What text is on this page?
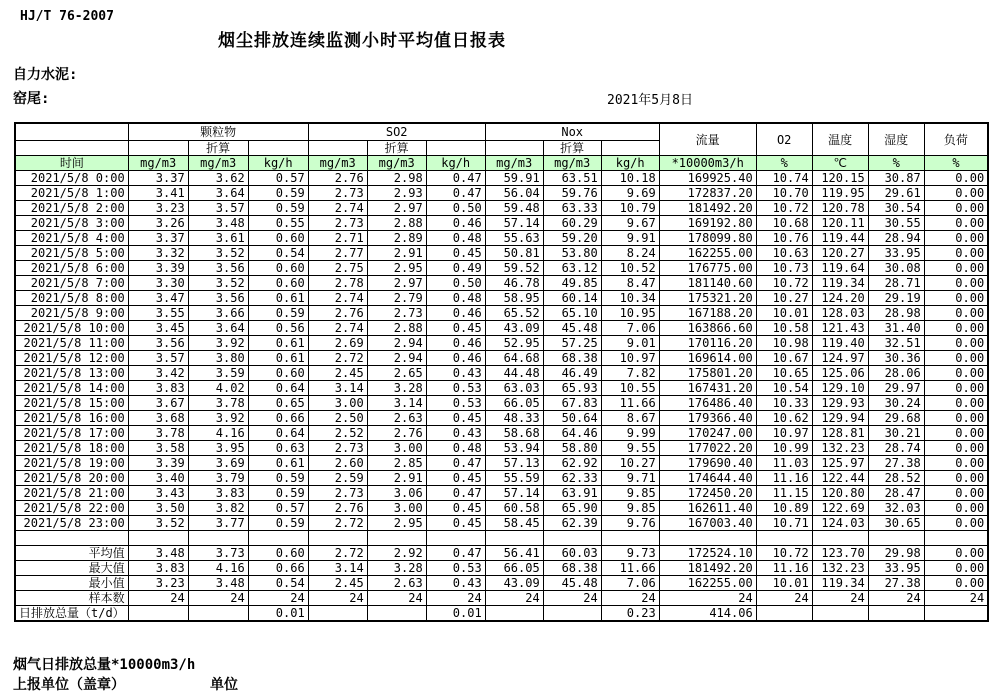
HJ/T 76-2007
烟尘排放连续监测小时平均值日报表
自力水泥:
窑尾:	2021年5月8日
	颗粒物			SO2			Nox			流量	O2	温度	湿度	负荷
		折算			折算			折算						
时间	mg/m3	mg/m3	kg/h	mg/m3	mg/m3	kg/h	mg/m3	mg/m3	kg/h	*10000m3/h	%	℃	%	%
2021/5/8 0:00	3.37	3.62	0.57	2.76	2.98	0.47	59.91	63.51	10.18	169925.40	10.74	120.15	30.87	0.00
2021/5/8 1:00	3.41	3.64	0.59	2.73	2.93	0.47	56.04	59.76	9.69	172837.20	10.70	119.95	29.61	0.00
2021/5/8 2:00	3.23	3.57	0.59	2.74	2.97	0.50	59.48	63.33	10.79	181492.20	10.72	120.78	30.54	0.00
2021/5/8 3:00	3.26	3.48	0.55	2.73	2.88	0.46	57.14	60.29	9.67	169192.80	10.68	120.11	30.55	0.00
2021/5/8 4:00	3.37	3.61	0.60	2.71	2.89	0.48	55.63	59.20	9.91	178099.80	10.76	119.44	28.94	0.00
2021/5/8 5:00	3.32	3.52	0.54	2.77	2.91	0.45	50.81	53.80	8.24	162255.00	10.63	120.27	33.95	0.00
2021/5/8 6:00	3.39	3.56	0.60	2.75	2.95	0.49	59.52	63.12	10.52	176775.00	10.73	119.64	30.08	0.00
2021/5/8 7:00	3.30	3.52	0.60	2.78	2.97	0.50	46.78	49.85	8.47	181140.60	10.72	119.34	28.71	0.00
2021/5/8 8:00	3.47	3.56	0.61	2.74	2.79	0.48	58.95	60.14	10.34	175321.20	10.27	124.20	29.19	0.00
2021/5/8 9:00	3.55	3.66	0.59	2.76	2.73	0.46	65.52	65.10	10.95	167188.20	10.01	128.03	28.98	0.00
2021/5/8 10:00	3.45	3.64	0.56	2.74	2.88	0.45	43.09	45.48	7.06	163866.60	10.58	121.43	31.40	0.00
2021/5/8 11:00	3.56	3.92	0.61	2.69	2.94	0.46	52.95	57.25	9.01	170116.20	10.98	119.40	32.51	0.00
2021/5/8 12:00	3.57	3.80	0.61	2.72	2.94	0.46	64.68	68.38	10.97	169614.00	10.67	124.97	30.36	0.00
2021/5/8 13:00	3.42	3.59	0.60	2.45	2.65	0.43	44.48	46.49	7.82	175801.20	10.65	125.06	28.06	0.00
2021/5/8 14:00	3.83	4.02	0.64	3.14	3.28	0.53	63.03	65.93	10.55	167431.20	10.54	129.10	29.97	0.00
2021/5/8 15:00	3.67	3.78	0.65	3.00	3.14	0.53	66.05	67.83	11.66	176486.40	10.33	129.93	30.24	0.00
2021/5/8 16:00	3.68	3.92	0.66	2.50	2.63	0.45	48.33	50.64	8.67	179366.40	10.62	129.94	29.68	0.00
2021/5/8 17:00	3.78	4.16	0.64	2.52	2.76	0.43	58.68	64.46	9.99	170247.00	10.97	128.81	30.21	0.00
2021/5/8 18:00	3.58	3.95	0.63	2.73	3.00	0.48	53.94	58.80	9.55	177022.20	10.99	132.23	28.74	0.00
2021/5/8 19:00	3.39	3.69	0.61	2.60	2.85	0.47	57.13	62.92	10.27	179690.40	11.03	125.97	27.38	0.00
2021/5/8 20:00	3.40	3.79	0.59	2.59	2.91	0.45	55.59	62.33	9.71	174644.40	11.16	122.44	28.52	0.00
2021/5/8 21:00	3.43	3.83	0.59	2.73	3.06	0.47	57.14	63.91	9.85	172450.20	11.15	120.80	28.47	0.00
2021/5/8 22:00	3.50	3.82	0.57	2.76	3.00	0.45	60.58	65.90	9.85	162611.40	10.89	122.69	32.03	0.00
2021/5/8 23:00	3.52	3.77	0.59	2.72	2.95	0.45	58.45	62.39	9.76	167003.40	10.71	124.03	30.65	0.00

平均值	3.48	3.73	0.60	2.72	2.92	0.47	56.41	60.03	9.73	172524.10	10.72	123.70	29.98	0.00
最大值	3.83	4.16	0.66	3.14	3.28	0.53	66.05	68.38	11.66	181492.20	11.16	132.23	33.95	0.00
最小值	3.23	3.48	0.54	2.45	2.63	0.43	43.09	45.48	7.06	162255.00	10.01	119.34	27.38	0.00
样本数	24	24	24	24	24	24	24	24	24	24	24	24	24	24
日排放总量（t/d）			0.01			0.01			0.23	414.06				
烟气日排放总量*10000m3/h
上报单位（盖章）	单位
